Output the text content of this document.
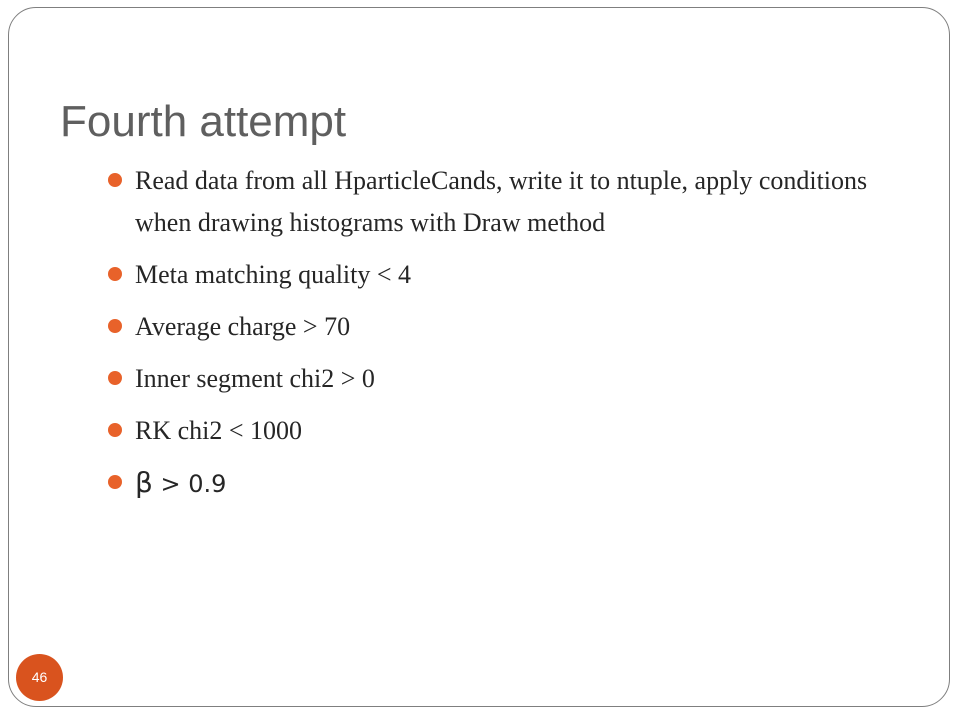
Fourth attempt
Read data from all HparticleCands, write it to ntuple, apply conditions when drawing histograms with Draw method
Meta matching quality < 4
Average charge > 70
Inner segment chi2 > 0
RK chi2 < 1000
β > 0.9
46
